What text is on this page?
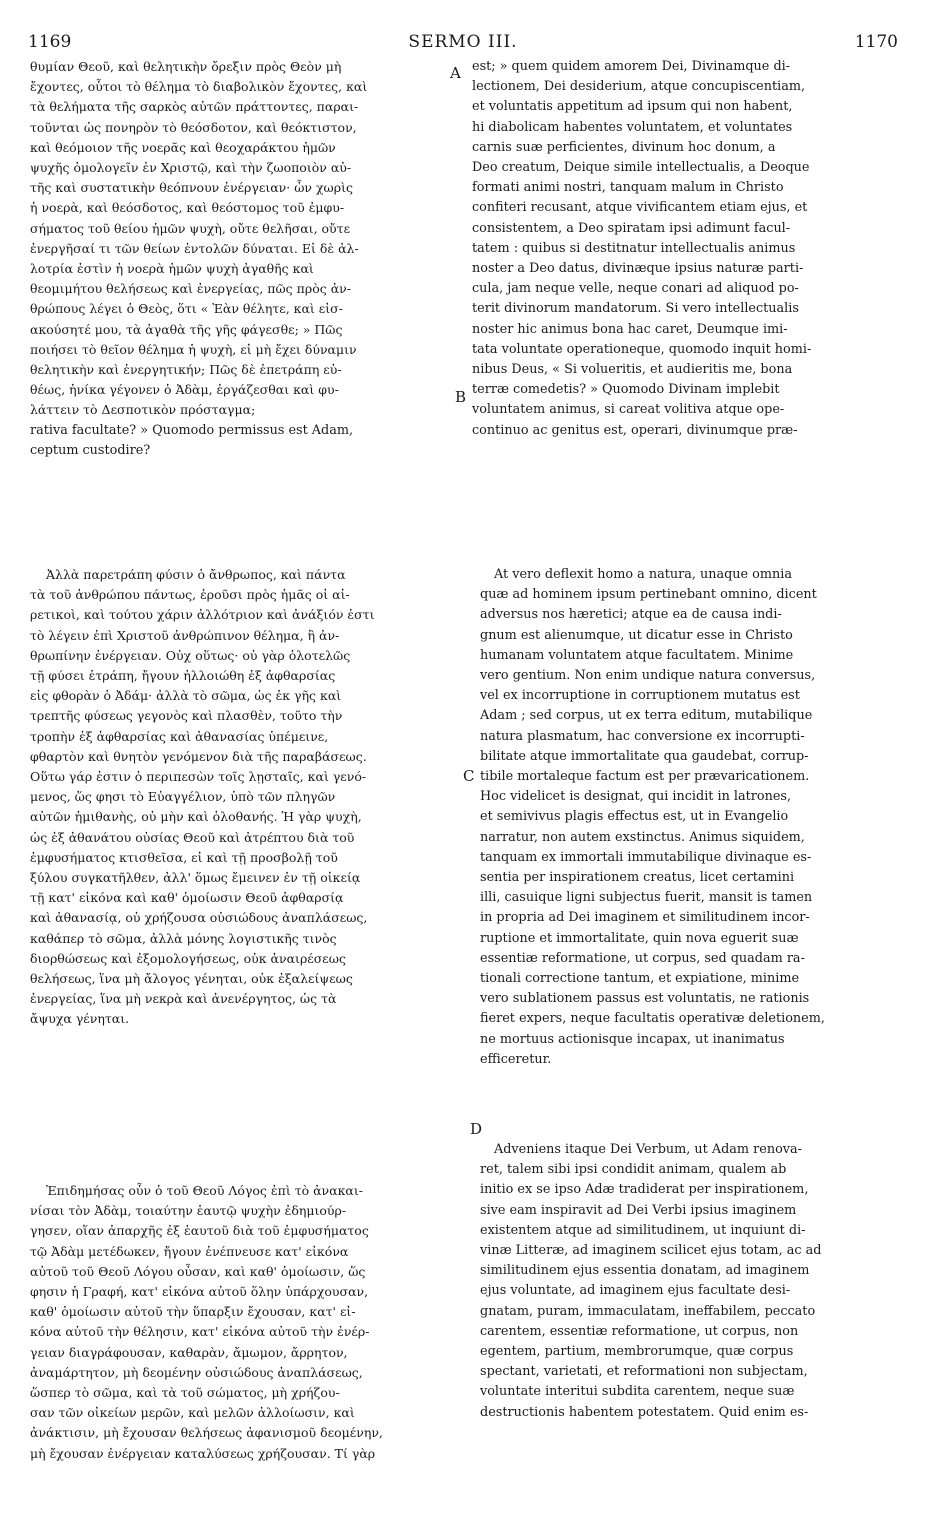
1169	SERMO III.	1170

θυμίαν Θεοῦ, καὶ θελητικὴν ὄρεξιν πρὸς Θεὸν μὴ

ἔχοντες, οὗτοι τὸ θέλημα τὸ διαβολικὸν ἔχοντες, καὶ

τὰ θελήματα τῆς σαρκὸς αὐτῶν πράττοντες, παραι-

τοῦνται ὡς πονηρὸν τὸ θεόσδοτον, καὶ θεόκτιστον,

καὶ θεόμοιον τῆς νοερᾶς καὶ θεοχαράκτου ἡμῶν

ψυχῆς ὁμολογεῖν ἐν Χριστῷ, καὶ τὴν ζωοποιὸν αὐ-

τῆς καὶ συστατικὴν θεόπνουν ἐνέργειαν· ὧν χωρὶς

ἡ νοερὰ, καὶ θεόσδοτος, καὶ θεόστομος τοῦ ἐμφυ-

σήματος τοῦ θείου ἡμῶν ψυχὴ, οὔτε θελῆσαι, οὔτε

ἐνεργῆσαί τι τῶν θείων ἐντολῶν δύναται. Εἰ δὲ ἀλ-

λοτρία ἐστὶν ἡ νοερὰ ἡμῶν ψυχὴ ἀγαθῆς καὶ

θεομιμήτου θελήσεως καὶ ἐνεργείας, πῶς πρὸς ἀν-

θρώπους λέγει ὁ Θεὸς, ὅτι « Ἐὰν θέλητε, καὶ εἰσ-

ακούσητέ μου, τὰ ἀγαθὰ τῆς γῆς φάγεσθε; » Πῶς

ποιήσει τὸ θεῖον θέλημα ἡ ψυχὴ, εἰ μὴ ἔχει δύναμιν

θελητικὴν καὶ ἐνεργητικήν; Πῶς δὲ ἐπετράπη εὐ-

θέως, ἡνίκα γέγονεν ὁ Ἀδὰμ, ἐργάζεσθαι καὶ φυ-

λάττειν τὸ Δεσποτικὸν πρόσταγμα;

rativa facultate? » Quomodo permissus est Adam,

ceptum custodire?

est; » quem quidem amorem Dei, Divinamque di-

lectionem, Dei desiderium, atque concupiscentiam,

et voluntatis appetitum ad ipsum qui non habent,

hi diabolicam habentes voluntatem, et voluntates

carnis suæ perficientes, divinum hoc donum, a

Deo creatum, Deique simile intellectualis, a Deoque

formati animi nostri, tanquam malum in Christo

confiteri recusant, atque vivificantem etiam ejus, et

consistentem, a Deo spiratam ipsi adimunt facul-

tatem : quibus si destitnatur intellectualis animus

noster a Deo datus, divinæque ipsius naturæ parti-

cula, jam neque velle, neque conari ad aliquod po-

terit divinorum mandatorum. Si vero intellectualis

noster hic animus bona hac caret, Deumque imi-

tata voluntate operationeque, quomodo inquit homi-

nibus Deus, « Si volueritis, et audieritis me, bona

terræ comedetis? » Quomodo Divinam implebit

voluntatem animus, si careat volitiva atque ope-

continuo ac genitus est, operari, divinumque præ-

Ἀλλὰ παρετράπη φύσιν ὁ ἄνθρωπος, καὶ πάντα

τὰ τοῦ ἀνθρώπου πάντως, ἐροῦσι πρὸς ἡμᾶς οἱ αἱ-

ρετικοὶ, καὶ τούτου χάριν ἀλλότριον καὶ ἀνάξιόν ἐστι

τὸ λέγειν ἐπὶ Χριστοῦ ἀνθρώπινον θέλημα, ἢ ἀν-

θρωπίνην ἐνέργειαν. Οὐχ οὕτως· οὐ γὰρ ὁλοτελῶς

τῇ φύσει ἐτράπη, ἤγουν ἠλλοιώθη ἐξ ἀφθαρσίας

εἰς φθορὰν ὁ Ἀδάμ· ἀλλὰ τὸ σῶμα, ὡς ἐκ γῆς καὶ

τρεπτῆς φύσεως γεγονὸς καὶ πλασθὲν, τοῦτο τὴν

τροπὴν ἐξ ἀφθαρσίας καὶ ἀθανασίας ὑπέμεινε,

φθαρτὸν καὶ θνητὸν γενόμενον διὰ τῆς παραβάσεως.

Οὕτω γάρ ἐστιν ὁ περιπεσὼν τοῖς λῃσταῖς, καὶ γενό-

μενος, ὥς φησι τὸ Εὐαγγέλιον, ὑπὸ τῶν πληγῶν

αὐτῶν ἡμιθανὴς, οὐ μὴν καὶ ὁλοθανής. Ἡ γὰρ ψυχὴ,

ὡς ἐξ ἀθανάτου οὐσίας Θεοῦ καὶ ἀτρέπτου διὰ τοῦ

ἐμφυσήματος κτισθεῖσα, εἰ καὶ τῇ προσβολῇ τοῦ

ξύλου συγκατῆλθεν, ἀλλ' ὅμως ἔμεινεν ἐν τῇ οἰκείᾳ

τῇ κατ' εἰκόνα καὶ καθ' ὁμοίωσιν Θεοῦ ἀφθαρσίᾳ

καὶ ἀθανασίᾳ, οὐ χρήζουσα οὐσιώδους ἀναπλάσεως,

καθάπερ τὸ σῶμα, ἀλλὰ μόνης λογιστικῆς τινὸς

διορθώσεως καὶ ἐξομολογήσεως, οὐκ ἀναιρέσεως

θελήσεως, ἵνα μὴ ἄλογος γένηται, οὐκ ἐξαλείψεως

ἐνεργείας, ἵνα μὴ νεκρὰ καὶ ἀνενέργητος, ὡς τὰ

ἄψυχα γένηται.

At vero deflexit homo a natura, unaque omnia

quæ ad hominem ipsum pertinebant omnino, dicent

adversus nos hæretici; atque ea de causa indi-

gnum est alienumque, ut dicatur esse in Christo

humanam voluntatem atque facultatem. Minime

vero gentium. Non enim undique natura conversus,

vel ex incorruptione in corruptionem mutatus est

Adam ; sed corpus, ut ex terra editum, mutabilique

natura plasmatum, hac conversione ex incorrupti-

bilitate atque immortalitate qua gaudebat, corrup-

tibile mortaleque factum est per prævaricationem.

Hoc videlicet is designat, qui incidit in latrones,

et semivivus plagis effectus est, ut in Evangelio

narratur, non autem exstinctus. Animus siquidem,

tanquam ex immortali immutabilique divinaque es-

sentia per inspirationem creatus, licet certamini

illi, casuique ligni subjectus fuerit, mansit is tamen

in propria ad Dei imaginem et similitudinem incor-

ruptione et immortalitate, quin nova eguerit suæ

essentiæ reformatione, ut corpus, sed quadam ra-

tionali correctione tantum, et expiatione, minime

vero sublationem passus est voluntatis, ne rationis

fieret expers, neque facultatis operativæ deletionem,

ne mortuus actionisque incapax, ut inanimatus

efficeretur.

Ἐπιδημήσας οὖν ὁ τοῦ Θεοῦ Λόγος ἐπὶ τὸ ἀνακαι-

νίσαι τὸν Ἀδὰμ, τοιαύτην ἑαυτῷ ψυχὴν ἐδημιούρ-

γησεν, οἵαν ἀπαρχῆς ἐξ ἑαυτοῦ διὰ τοῦ ἐμφυσήματος

τῷ Ἀδὰμ μετέδωκεν, ἤγουν ἐνέπνευσε κατ' εἰκόνα

αὐτοῦ τοῦ Θεοῦ Λόγου οὖσαν, καὶ καθ' ὁμοίωσιν, ὥς

φησιν ἡ Γραφή, κατ' εἰκόνα αὐτοῦ ὅλην ὑπάρχουσαν,

καθ' ὁμοίωσιν αὐτοῦ τὴν ὕπαρξιν ἔχουσαν, κατ' εἰ-

κόνα αὐτοῦ τὴν θέλησιν, κατ' εἰκόνα αὐτοῦ τὴν ἐνέρ-

γειαν διαγράφουσαν, καθαρὰν, ἄμωμον, ἄρρητον,

ἀναμάρτητον, μὴ δεομένην οὐσιώδους ἀναπλάσεως,

ὥσπερ τὸ σῶμα, καὶ τὰ τοῦ σώματος, μὴ χρήζου-

σαν τῶν οἰκείων μερῶν, καὶ μελῶν ἀλλοίωσιν, καὶ

ἀνάκτισιν, μὴ ἔχουσαν θελήσεως ἀφανισμοῦ δεομένην,

μὴ ἔχουσαν ἐνέργειαν καταλύσεως χρήζουσαν. Τί γὰρ

Adveniens itaque Dei Verbum, ut Adam renova-

ret, talem sibi ipsi condidit animam, qualem ab

initio ex se ipso Adæ tradiderat per inspirationem,

sive eam inspiravit ad Dei Verbi ipsius imaginem

existentem atque ad similitudinem, ut inquiunt di-

vinæ Litteræ, ad imaginem scilicet ejus totam, ac ad

similitudinem ejus essentia donatam, ad imaginem

ejus voluntate, ad imaginem ejus facultate desi-

gnatam, puram, immaculatam, ineffabilem, peccato

carentem, essentiæ reformatione, ut corpus, non

egentem, partium, membrorumque, quæ corpus

spectant, varietati, et reformationi non subjectam,

voluntate interitui subdita carentem, neque suæ

destructionis habentem potestatem. Quid enim es-

A
B
C
D
